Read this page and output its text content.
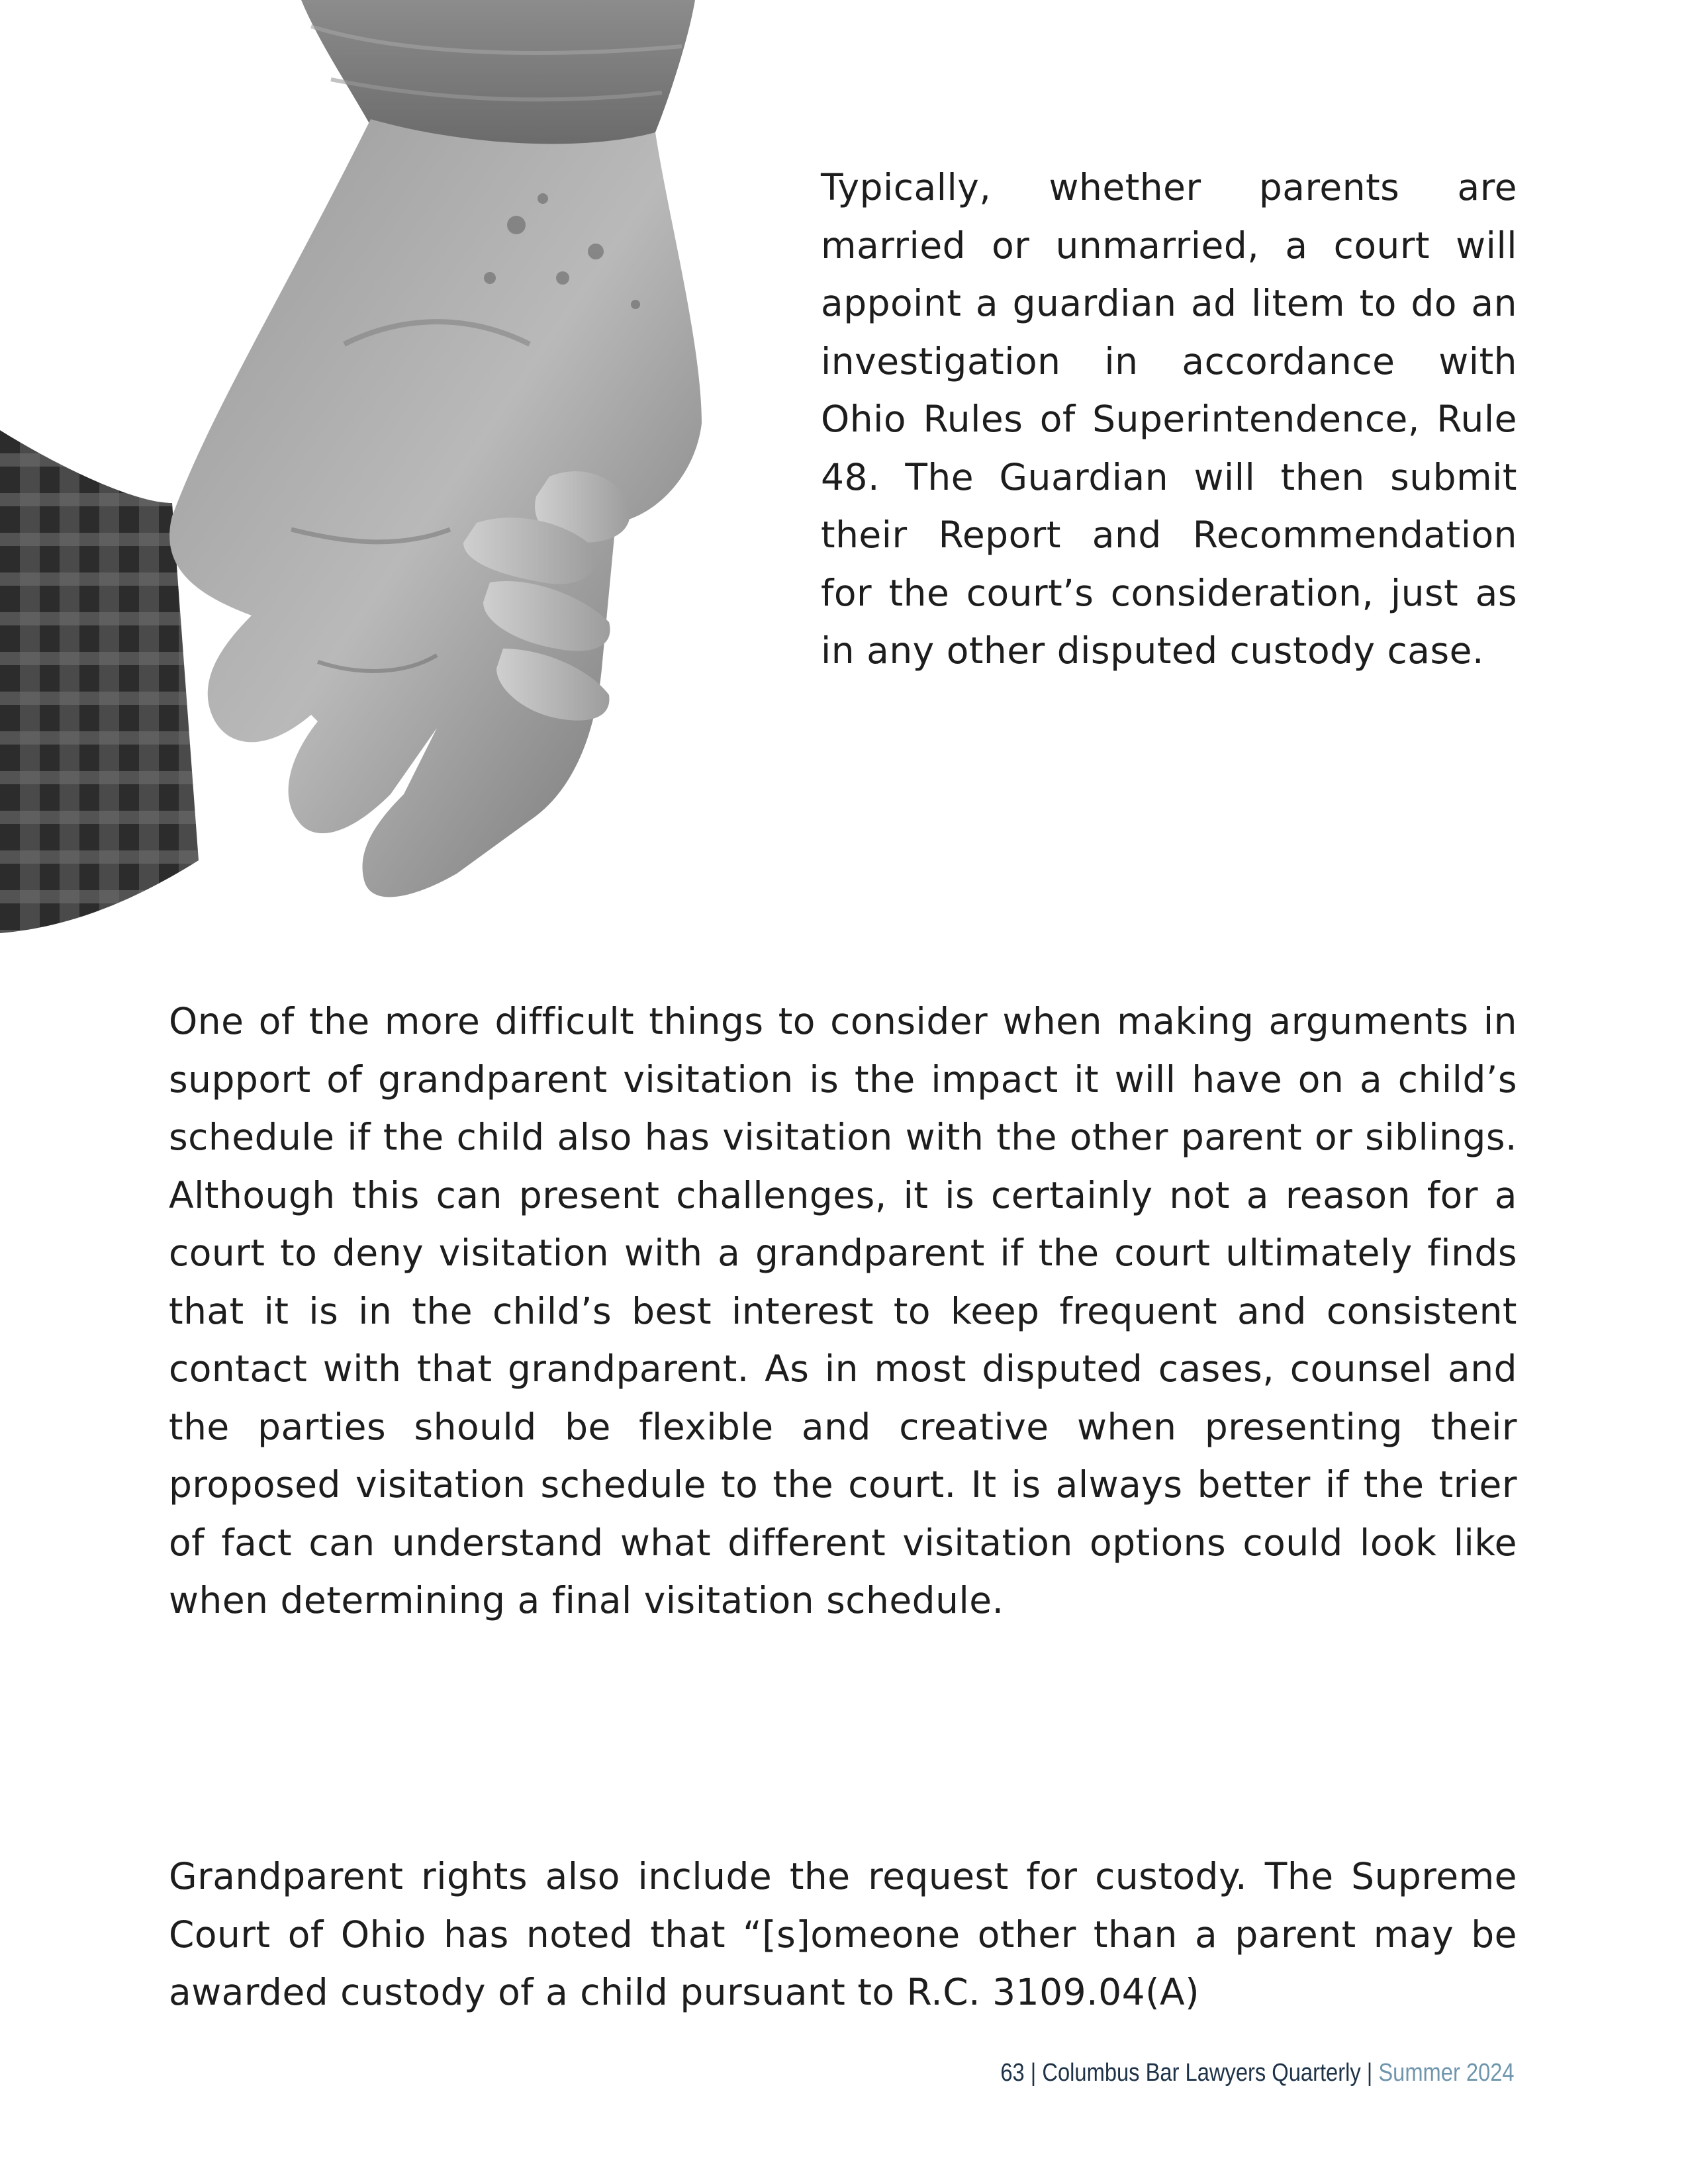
Typically, whether parents are married or unmarried, a court will appoint a guardian ad litem to do an investigation in accordance with Ohio Rules of Superintendence, Rule 48. The Guardian will then submit their Report and Recommendation for the court’s consideration, just as in any other disputed custody case.

One of the more difficult things to consider when making arguments in support of grandparent visitation is the impact it will have on a child’s schedule if the child also has visitation with the other parent or siblings. Although this can present challenges, it is certainly not a reason for a court to deny visitation with a grandparent if the court ultimately finds that it is in the child’s best interest to keep frequent and consistent contact with that grandparent. As in most disputed cases, counsel and the parties should be flexible and creative when presenting their proposed visitation schedule to the court. It is always better if the trier of fact can understand what different visitation options could look like when determining a final visitation schedule.

Grandparent rights also include the request for custody. The Supreme Court of Ohio has noted that “[s]omeone other than a parent may be awarded custody of a child pursuant to R.C. 3109.04(A)

63 | Columbus Bar Lawyers Quarterly | Summer 2024
